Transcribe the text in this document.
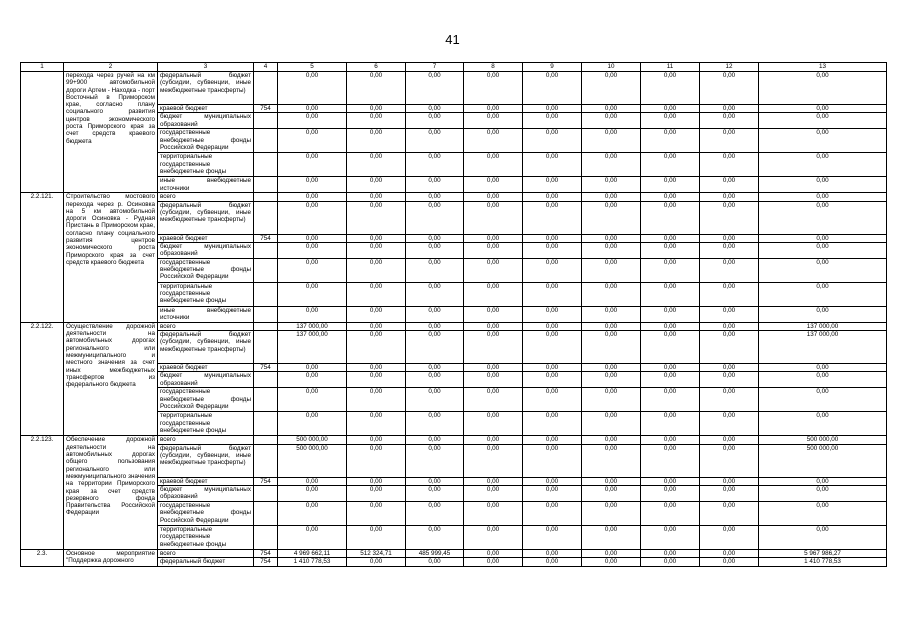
41
1	2	3	4	5	6	7	8	9	10	11	12	13
	перехода через ручей на км 99+900 автомобильной дороги Артем - Находка - порт Восточный в Приморском крае, согласно плану социального развития центров экономического роста Приморского края за счет средств краевого бюджета	федеральный бюджет (субсидии, субвенции, иные межбюджетные трансферты)		0,00	0,00	0,00	0,00	0,00	0,00	0,00	0,00	0,00
		краевой бюджет	754	0,00	0,00	0,00	0,00	0,00	0,00	0,00	0,00	0,00
		бюджет муниципальных образований		0,00	0,00	0,00	0,00	0,00	0,00	0,00	0,00	0,00
		государственные внебюджетные фонды Российской Федерации		0,00	0,00	0,00	0,00	0,00	0,00	0,00	0,00	0,00
		территориальные государственные внебюджетные фонды		0,00	0,00	0,00	0,00	0,00	0,00	0,00	0,00	0,00
		иные внебюджетные источники		0,00	0,00	0,00	0,00	0,00	0,00	0,00	0,00	0,00
2.2.121.	Строительство мостового перехода через р. Осиновка на 5 км автомобильной дороги Осиновка - Рудная Пристань в Приморском крае, согласно плану социального развития центров экономического роста Приморского края за счет средств краевого бюджета	всего		0,00	0,00	0,00	0,00	0,00	0,00	0,00	0,00	0,00
		федеральный бюджет (субсидии, субвенции, иные межбюджетные трансферты)		0,00	0,00	0,00	0,00	0,00	0,00	0,00	0,00	0,00
		краевой бюджет	754	0,00	0,00	0,00	0,00	0,00	0,00	0,00	0,00	0,00
		бюджет муниципальных образований		0,00	0,00	0,00	0,00	0,00	0,00	0,00	0,00	0,00
		государственные внебюджетные фонды Российской Федерации		0,00	0,00	0,00	0,00	0,00	0,00	0,00	0,00	0,00
		территориальные государственные внебюджетные фонды		0,00	0,00	0,00	0,00	0,00	0,00	0,00	0,00	0,00
		иные внебюджетные источники		0,00	0,00	0,00	0,00	0,00	0,00	0,00	0,00	0,00
2.2.122.	Осуществление дорожной деятельности на автомобильных дорогах регионального или межмуниципального и местного значения за счет иных межбюджетных трансфертов из федерального бюджета	всего		137 000,00	0,00	0,00	0,00	0,00	0,00	0,00	0,00	137 000,00
		федеральный бюджет (субсидии, субвенции, иные межбюджетные трансферты)		137 000,00	0,00	0,00	0,00	0,00	0,00	0,00	0,00	137 000,00
		краевой бюджет	754	0,00	0,00	0,00	0,00	0,00	0,00	0,00	0,00	0,00
		бюджет муниципальных образований		0,00	0,00	0,00	0,00	0,00	0,00	0,00	0,00	0,00
		государственные внебюджетные фонды Российской Федерации		0,00	0,00	0,00	0,00	0,00	0,00	0,00	0,00	0,00
		территориальные государственные внебюджетные фонды		0,00	0,00	0,00	0,00	0,00	0,00	0,00	0,00	0,00
2.2.123.	Обеспечение дорожной деятельности на автомобильных дорогах общего пользования регионального или межмуниципального значения на территории Приморского края за счет средств резервного фонда Правительства Российской Федерации	всего		500 000,00	0,00	0,00	0,00	0,00	0,00	0,00	0,00	500 000,00
		федеральный бюджет (субсидии, субвенции, иные межбюджетные трансферты)		500 000,00	0,00	0,00	0,00	0,00	0,00	0,00	0,00	500 000,00
		краевой бюджет	754	0,00	0,00	0,00	0,00	0,00	0,00	0,00	0,00	0,00
		бюджет муниципальных образований		0,00	0,00	0,00	0,00	0,00	0,00	0,00	0,00	0,00
		государственные внебюджетные фонды Российской Федерации		0,00	0,00	0,00	0,00	0,00	0,00	0,00	0,00	0,00
		территориальные государственные внебюджетные фонды		0,00	0,00	0,00	0,00	0,00	0,00	0,00	0,00	0,00
2.3.	Основное мероприятие "Поддержка дорожного	всего	754	4 969 662,11	512 324,71	485 999,45	0,00	0,00	0,00	0,00	0,00	5 967 986,27
		федеральный бюджет	754	1 410 778,53	0,00	0,00	0,00	0,00	0,00	0,00	0,00	1 410 778,53
